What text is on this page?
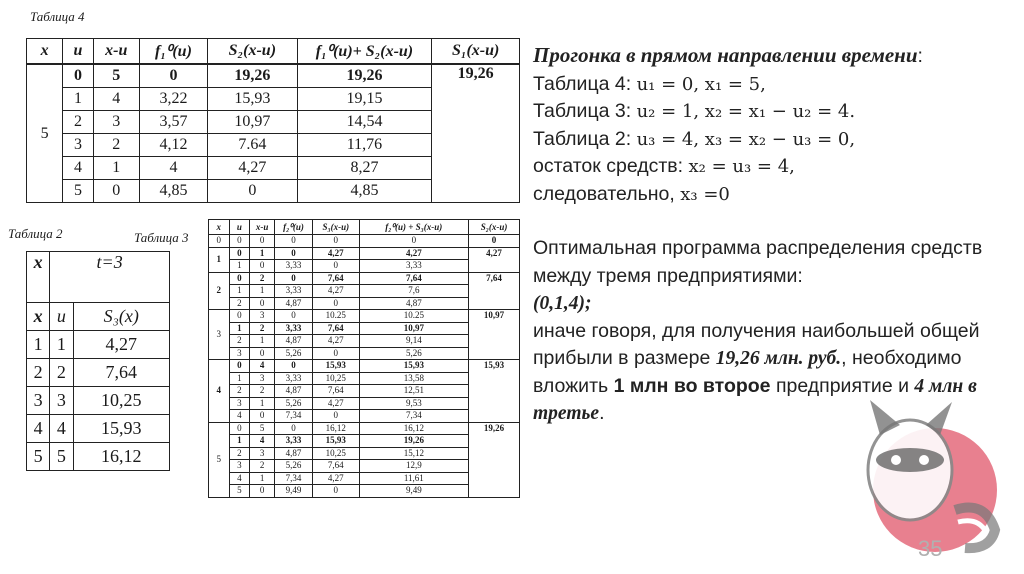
Таблица 4
Таблица 2	Таблица 3
x	u	x-u	f₁⁰(u)	S₂(x-u)	f₁⁰(u)+ S₂(x-u)	S₁(x-u)
5	0	5	0	19,26	19,26	19,26
	1	4	3,22	15,93	19,15	
	2	3	3,57	10,97	14,54	
	3	2	4,12	7.64	11,76	
	4	1	4	4,27	8,27	
	5	0	4,85	0	4,85	
x	t=3	
x	u	S₃(x)
1	1	4,27
2	2	7,64
3	3	10,25
4	4	15,93
5	5	16,12
x	u	x-u	f₂⁰(u)	S₃(x-u)	f₂⁰(u) + S₃(x-u)	S₂(x-u)
0	0	0	0	0	0	0
1	0	1	0	4,27	4,27	4,27
	1	0	3,33	0	3,33	
2	0	2	0	7,64	7,64	7,64
	1	1	3,33	4,27	7,6	
	2	0	4,87	0	4,87	
3	0	3	0	10.25	10.25	10,97
	1	2	3,33	7,64	10,97	
	2	1	4,87	4,27	9,14	
	3	0	5,26	0	5,26	
4	0	4	0	15,93	15,93	15,93
	1	3	3,33	10,25	13,58	
	2	2	4,87	7,64	12,51	
	3	1	5,26	4,27	9,53	
	4	0	7,34	0	7,34	
5	0	5	0	16,12	16,12	19,26
	1	4	3,33	15,93	19,26	
	2	3	4,87	10,25	15,12	
	3	2	5,26	7,64	12,9	
	4	1	7,34	4,27	11,61	
	5	0	9,49	0	9,49	

Прогонка в прямом направлении времени:

Таблица 4: u₁ = 0, x₁ = 5,

Таблица 3: u₂ = 1, x₂ = x₁ − u₂ = 4.

Таблица 2: u₃ = 4, x₃ = x₂ − u₃ = 0,

остаток средств: x₂ = u₃ = 4,

следовательно, x₃ =0

Оптимальная программа распределения средств между тремя предприятиями:
(0,1,4);
иначе говоря, для получения наибольшей общей прибыли в размере 19,26 млн. руб., необходимо вложить 1 млн во второе предприятие и 4 млн в третье.

35
